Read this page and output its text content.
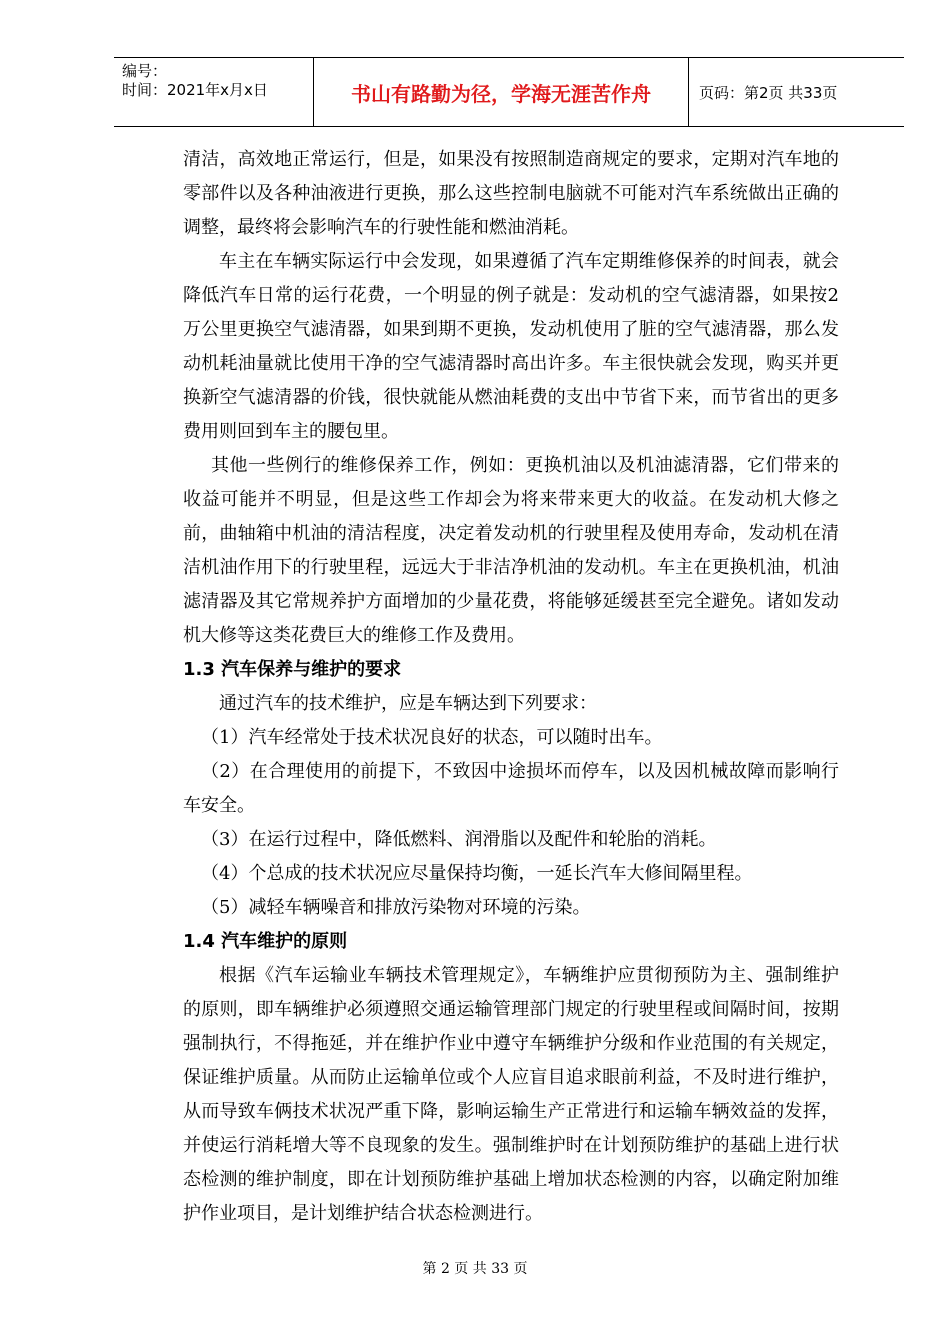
编号：
时间：2021年x月x日	书山有路勤为径，学海无涯苦作舟	页码：第2页 共33页

清洁，高效地正常运行，但是，如果没有按照制造商规定的要求，定期对汽车地的零部件以及各种油液进行更换，那么这些控制电脑就不可能对汽车系统做出正确的调整，最终将会影响汽车的行驶性能和燃油消耗。

车主在车辆实际运行中会发现，如果遵循了汽车定期维修保养的时间表，就会降低汽车日常的运行花费，一个明显的例子就是：发动机的空气滤清器，如果按2万公里更换空气滤清器，如果到期不更换，发动机使用了脏的空气滤清器，那么发动机耗油量就比使用干净的空气滤清器时高出许多。车主很快就会发现，购买并更换新空气滤清器的价钱，很快就能从燃油耗费的支出中节省下来，而节省出的更多费用则回到车主的腰包里。

其他一些例行的维修保养工作，例如：更换机油以及机油滤清器，它们带来的收益可能并不明显，但是这些工作却会为将来带来更大的收益。在发动机大修之前，曲轴箱中机油的清洁程度，决定着发动机的行驶里程及使用寿命，发动机在清洁机油作用下的行驶里程，远远大于非洁净机油的发动机。车主在更换机油，机油滤清器及其它常规养护方面增加的少量花费，将能够延缓甚至完全避免。诸如发动机大修等这类花费巨大的维修工作及费用。

1.3 汽车保养与维护的要求

通过汽车的技术维护，应是车辆达到下列要求：

（1）汽车经常处于技术状况良好的状态，可以随时出车。

（2）在合理使用的前提下，不致因中途损坏而停车，以及因机械故障而影响行车安全。

（3）在运行过程中，降低燃料、润滑脂以及配件和轮胎的消耗。

（4）个总成的技术状况应尽量保持均衡，一延长汽车大修间隔里程。

（5）减轻车辆噪音和排放污染物对环境的污染。

1.4 汽车维护的原则

根据《汽车运输业车辆技术管理规定》，车辆维护应贯彻预防为主、强制维护的原则，即车辆维护必须遵照交通运输管理部门规定的行驶里程或间隔时间，按期强制执行，不得拖延，并在维护作业中遵守车辆维护分级和作业范围的有关规定，保证维护质量。从而防止运输单位或个人应盲目追求眼前利益，不及时进行维护，从而导致车俩技术状况严重下降，影响运输生产正常进行和运输车辆效益的发挥，并使运行消耗增大等不良现象的发生。强制维护时在计划预防维护的基础上进行状态检测的维护制度，即在计划预防维护基础上增加状态检测的内容，以确定附加维护作业项目，是计划维护结合状态检测进行。

第 2 页 共 33 页
